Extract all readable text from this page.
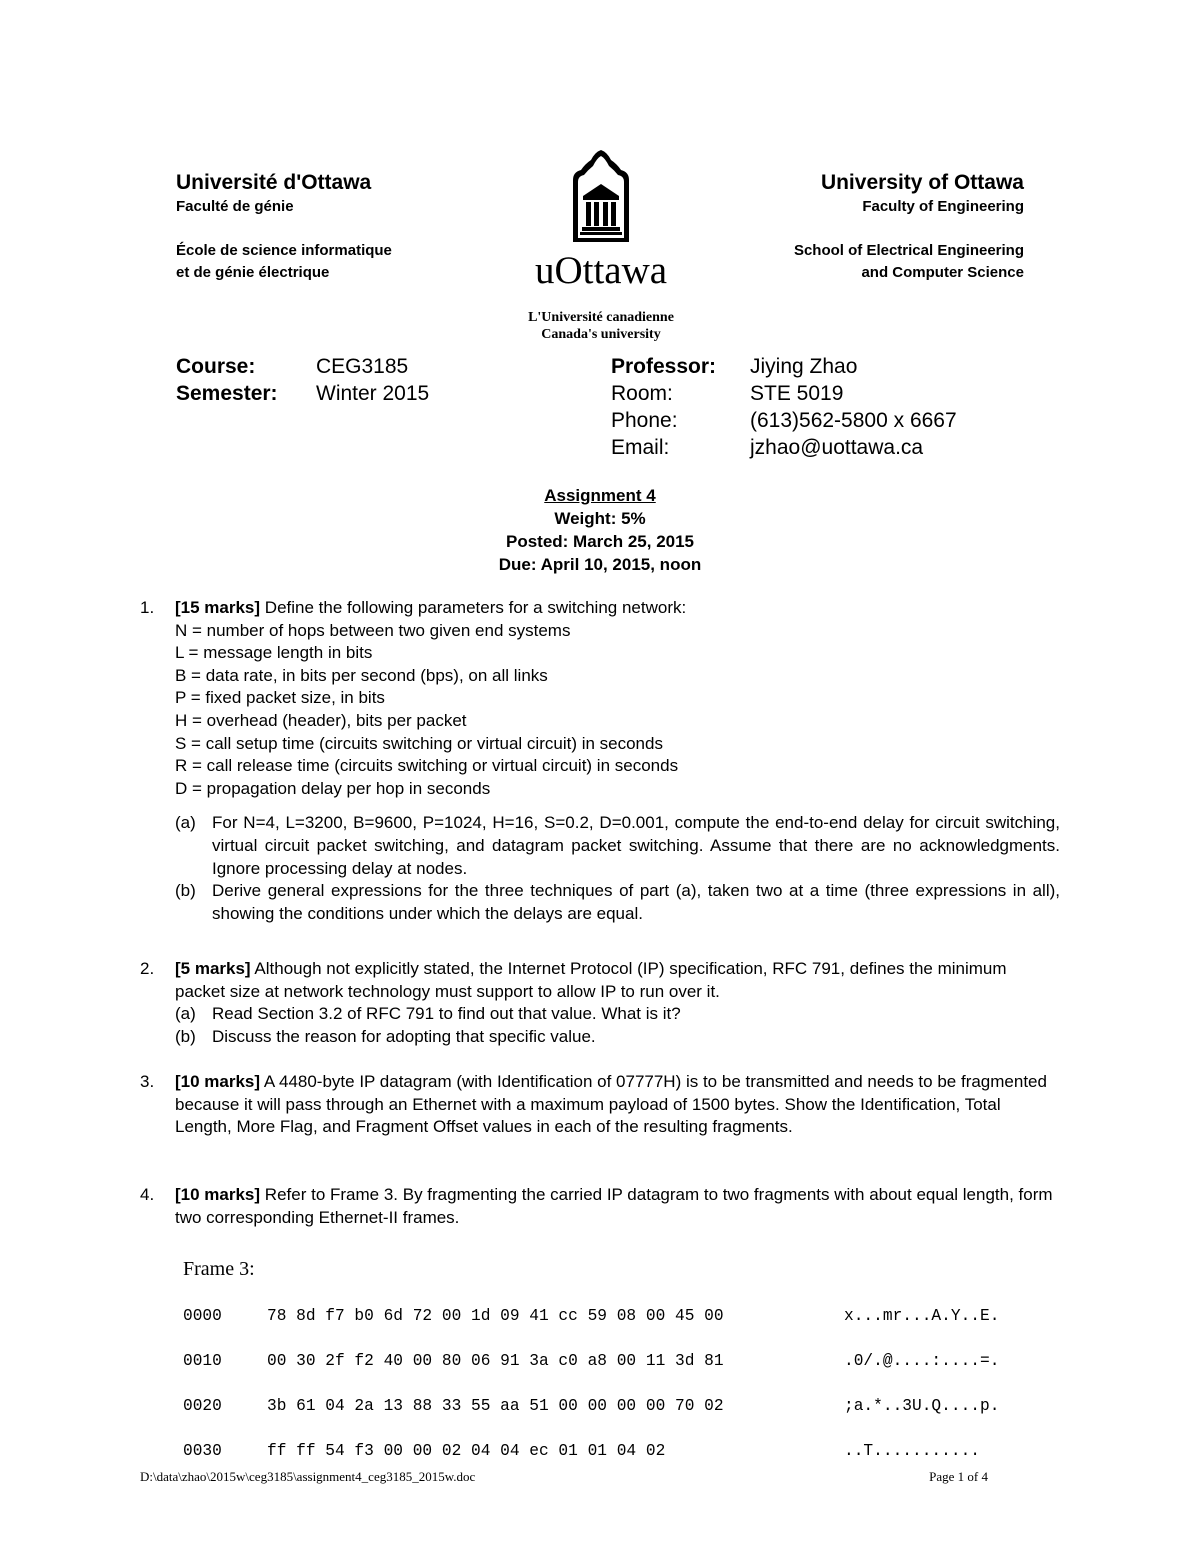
Université d'Ottawa
Faculté de génie
École de science informatique
et de génie électrique
University of Ottawa
Faculty of Engineering
School of Electrical Engineering
and Computer Science
uOttawa
L'Université canadienne
Canada's university
Course:	CEG3185
Semester: Winter 2015
Professor: Jiying Zhao
Room:	STE 5019
Phone:	(613)562-5800 x 6667
Email:	jzhao@uottawa.ca
Assignment 4
Weight: 5%
Posted: March 25, 2015
Due: April 10, 2015, noon
1. [15 marks] Define the following parameters for a switching network:
N = number of hops between two given end systems
L = message length in bits
B = data rate, in bits per second (bps), on all links
P = fixed packet size, in bits
H = overhead (header), bits per packet
S = call setup time (circuits switching or virtual circuit) in seconds
R = call release time (circuits switching or virtual circuit) in seconds
D = propagation delay per hop in seconds
(a) For N=4, L=3200, B=9600, P=1024, H=16, S=0.2, D=0.001, compute the end-to-end delay for circuit switching, virtual circuit packet switching, and datagram packet switching. Assume that there are no acknowledgments. Ignore processing delay at nodes.
(b) Derive general expressions for the three techniques of part (a), taken two at a time (three expressions in all), showing the conditions under which the delays are equal.
2. [5 marks] Although not explicitly stated, the Internet Protocol (IP) specification, RFC 791, defines the minimum packet size at network technology must support to allow IP to run over it.
(a) Read Section 3.2 of RFC 791 to find out that value. What is it?
(b) Discuss the reason for adopting that specific value.
3. [10 marks] A 4480-byte IP datagram (with Identification of 07777H) is to be transmitted and needs to be fragmented because it will pass through an Ethernet with a maximum payload of 1500 bytes. Show the Identification, Total Length, More Flag, and Fragment Offset values in each of the resulting fragments.
4. [10 marks] Refer to Frame 3. By fragmenting the carried IP datagram to two fragments with about equal length, form two corresponding Ethernet-II frames.
Frame 3:

0000	78 8d f7 b0 6d 72 00 1d 09 41 cc 59 08 00 45 00	x...mr...A.Y..E.

0010	00 30 2f f2 40 00 80 06 91 3a c0 a8 00 11 3d 81	.0/.@....:....=.

0020	3b 61 04 2a 13 88 33 55 aa 51 00 00 00 00 70 02	;a.*..3U.Q....p.

0030	ff ff 54 f3 00 00 02 04 04 ec 01 01 04 02	..T...........

D:\data\zhao\2015w\ceg3185\assignment4_ceg3185_2015w.doc	Page 1 of 4
